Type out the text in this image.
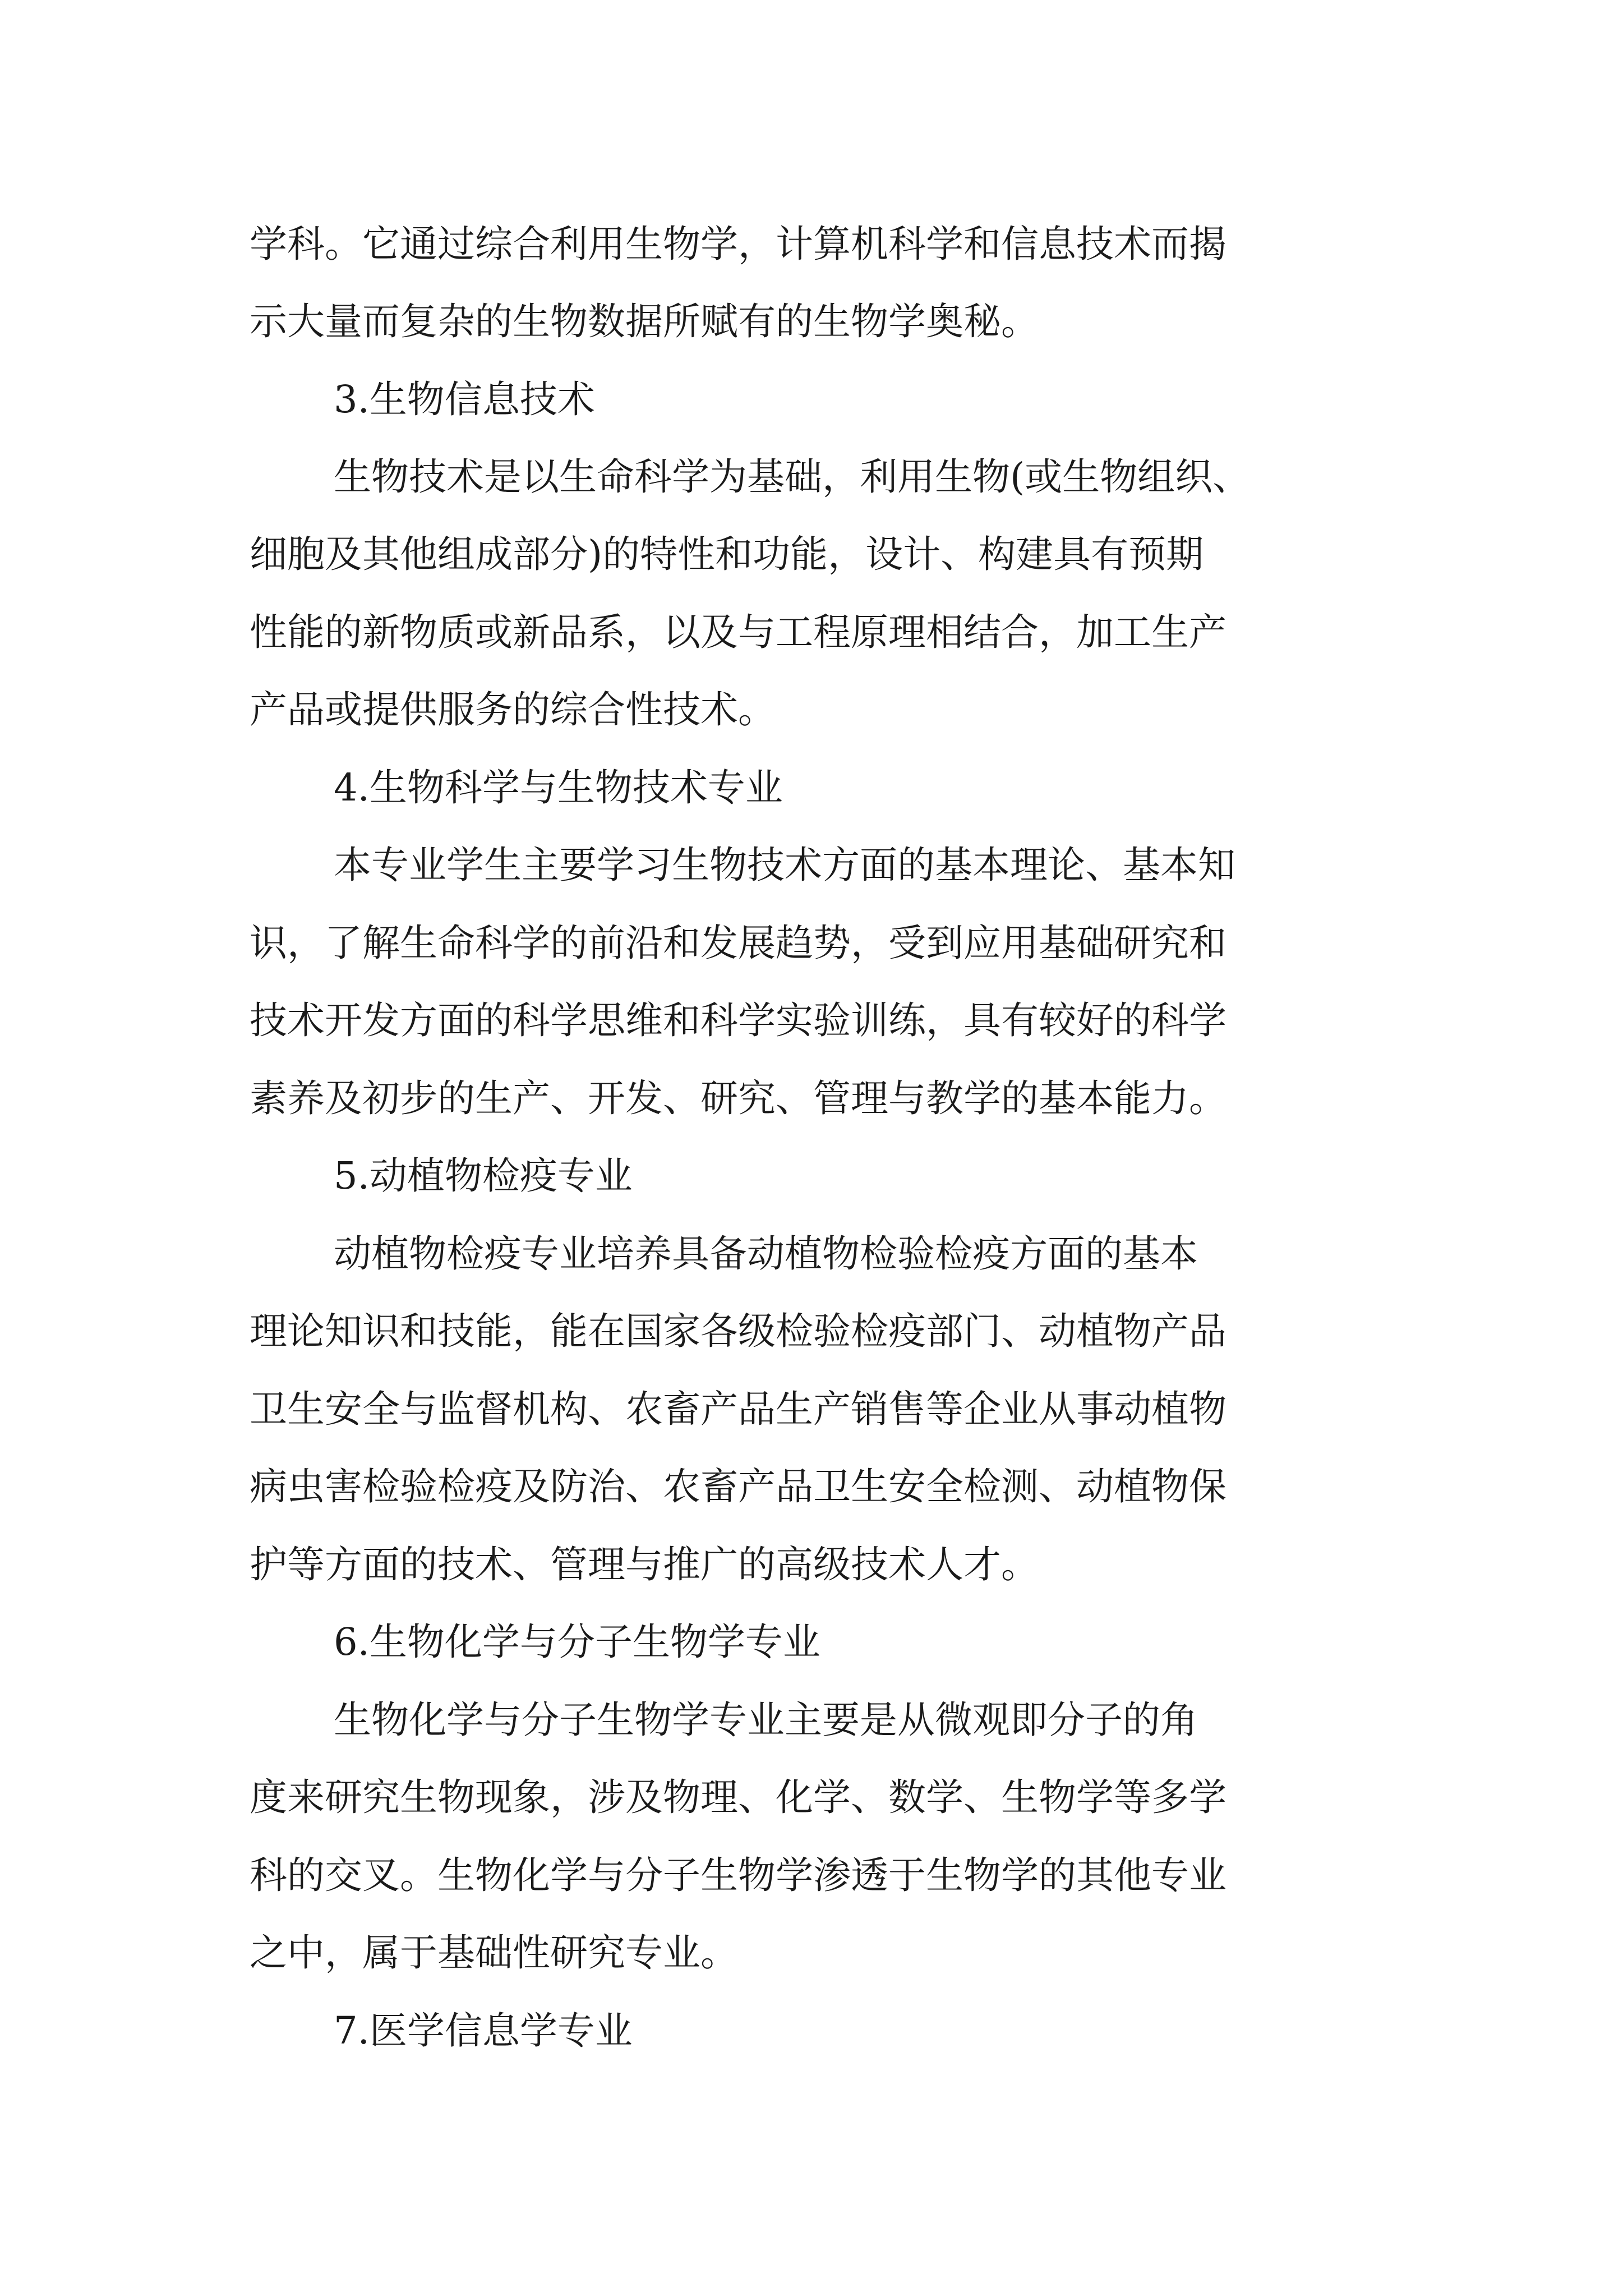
学科。它通过综合利用生物学，计算机科学和信息技术而揭

示大量而复杂的生物数据所赋有的生物学奥秘。

3.生物信息技术

生物技术是以生命科学为基础，利用生物(或生物组织、

细胞及其他组成部分)的特性和功能，设计、构建具有预期

性能的新物质或新品系，以及与工程原理相结合，加工生产

产品或提供服务的综合性技术。

4.生物科学与生物技术专业

本专业学生主要学习生物技术方面的基本理论、基本知

识，了解生命科学的前沿和发展趋势，受到应用基础研究和

技术开发方面的科学思维和科学实验训练，具有较好的科学

素养及初步的生产、开发、研究、管理与教学的基本能力。

5.动植物检疫专业

动植物检疫专业培养具备动植物检验检疫方面的基本

理论知识和技能，能在国家各级检验检疫部门、动植物产品

卫生安全与监督机构、农畜产品生产销售等企业从事动植物

病虫害检验检疫及防治、农畜产品卫生安全检测、动植物保

护等方面的技术、管理与推广的高级技术人才。

6.生物化学与分子生物学专业

生物化学与分子生物学专业主要是从微观即分子的角

度来研究生物现象，涉及物理、化学、数学、生物学等多学

科的交叉。生物化学与分子生物学渗透于生物学的其他专业

之中，属于基础性研究专业。

7.医学信息学专业
